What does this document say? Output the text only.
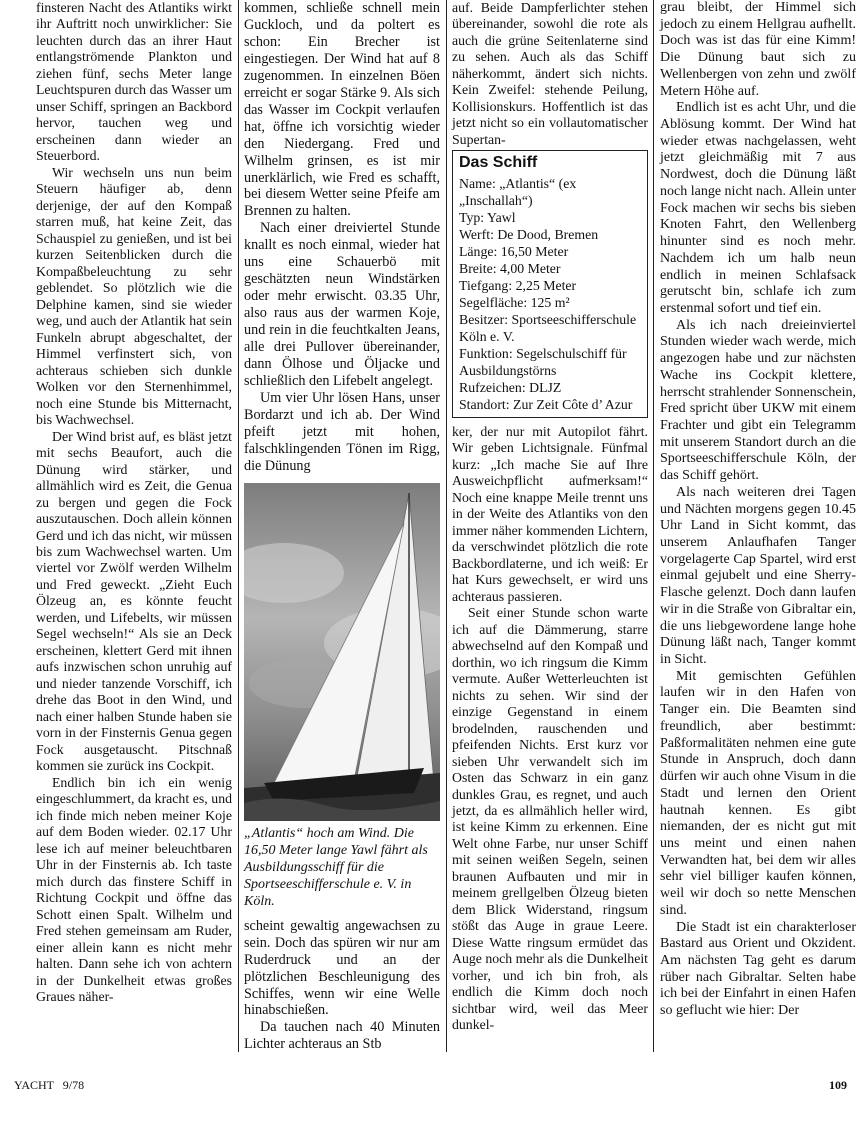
finsteren Nacht des Atlantiks wirkt ihr Auftritt noch unwirklicher: Sie leuchten durch das an ihrer Haut entlangströmende Plankton und ziehen fünf, sechs Meter lange Leuchtspuren durch das Wasser um unser Schiff, springen an Backbord hervor, tauchen weg und erscheinen dann wieder an Steuerbord.

Wir wechseln uns nun beim Steuern häufiger ab, denn derjenige, der auf den Kompaß starren muß, hat keine Zeit, das Schauspiel zu genießen, und ist bei kurzen Seitenblicken durch die Kompaßbeleuchtung zu sehr geblendet. So plötzlich wie die Delphine kamen, sind sie wieder weg, und auch der Atlantik hat sein Funkeln abrupt abgeschaltet, der Himmel verfinstert sich, von achteraus schieben sich dunkle Wolken vor den Sternenhimmel, noch eine Stunde bis Mitternacht, bis Wachwechsel.

Der Wind brist auf, es bläst jetzt mit sechs Beaufort, auch die Dünung wird stärker, und allmählich wird es Zeit, die Genua zu bergen und gegen die Fock auszutauschen. Doch allein können Gerd und ich das nicht, wir müssen bis zum Wachwechsel warten. Um viertel vor Zwölf werden Wilhelm und Fred geweckt. „Zieht Euch Ölzeug an, es könnte feucht werden, und Lifebelts, wir müssen Segel wechseln!“ Als sie an Deck erscheinen, klettert Gerd mit ihnen aufs inzwischen schon unruhig auf und nieder tanzende Vorschiff, ich drehe das Boot in den Wind, und nach einer halben Stunde haben sie vorn in der Finsternis Genua gegen Fock ausgetauscht. Pitschnaß kommen sie zurück ins Cockpit.

Endlich bin ich ein wenig eingeschlummert, da kracht es, und ich finde mich neben meiner Koje auf dem Boden wieder. 02.17 Uhr lese ich auf meiner beleuchtbaren Uhr in der Finsternis ab. Ich taste mich durch das finstere Schiff in Richtung Cockpit und öffne das Schott einen Spalt. Wilhelm und Fred stehen gemeinsam am Ruder, einer allein kann es nicht mehr halten. Dann sehe ich von achtern in der Dunkelheit etwas großes Graues näher-

kommen, schließe schnell mein Guckloch, und da poltert es schon: Ein Brecher ist eingestiegen. Der Wind hat auf 8 zugenommen. In einzelnen Böen erreicht er sogar Stärke 9. Als sich das Wasser im Cockpit verlaufen hat, öffne ich vorsichtig wieder den Niedergang. Fred und Wilhelm grinsen, es ist mir unerklärlich, wie Fred es schafft, bei diesem Wetter seine Pfeife am Brennen zu halten.

Nach einer dreiviertel Stunde knallt es noch einmal, wieder hat uns eine Schauerbö mit geschätzten neun Windstärken oder mehr erwischt. 03.35 Uhr, also raus aus der warmen Koje, und rein in die feuchtkalten Jeans, alle drei Pullover übereinander, dann Ölhose und Öljacke und schließlich den Lifebelt angelegt.

Um vier Uhr lösen Hans, unser Bordarzt und ich ab. Der Wind pfeift jetzt mit hohen, falschklingenden Tönen im Rigg, die Dünung

„Atlantis“ hoch am Wind. Die 16,50 Meter lange Yawl fährt als Ausbildungsschiff für die Sportseeschifferschule e. V. in Köln.

scheint gewaltig angewachsen zu sein. Doch das spüren wir nur am Ruderdruck und an der plötzlichen Beschleunigung des Schiffes, wenn wir eine Welle hinabschießen.

Da tauchen nach 40 Minuten Lichter achteraus an Stb

auf. Beide Dampferlichter stehen übereinander, sowohl die rote als auch die grüne Seitenlaterne sind zu sehen. Auch als das Schiff näherkommt, ändert sich nichts. Kein Zweifel: stehende Peilung, Kollisionskurs. Hoffentlich ist das jetzt nicht so ein vollautomatischer Supertan-

Das Schiff
Name: „Atlantis“ (ex „Inschallah“)
Typ: Yawl
Werft: De Dood, Bremen
Länge: 16,50 Meter
Breite: 4,00 Meter
Tiefgang: 2,25 Meter
Segelfläche: 125 m²
Besitzer: Sportseeschifferschule Köln e. V.
Funktion: Segelschulschiff für Ausbildungstörns
Rufzeichen: DLJZ
Standort: Zur Zeit Côte d’ Azur

ker, der nur mit Autopilot fährt. Wir geben Lichtsignale. Fünfmal kurz: „Ich mache Sie auf Ihre Ausweichpflicht aufmerksam!“ Noch eine knappe Meile trennt uns in der Weite des Atlantiks von den immer näher kommenden Lichtern, da verschwindet plötzlich die rote Backbordlaterne, und ich weiß: Er hat Kurs gewechselt, er wird uns achteraus passieren.

Seit einer Stunde schon warte ich auf die Dämmerung, starre abwechselnd auf den Kompaß und dorthin, wo ich ringsum die Kimm vermute. Außer Wetterleuchten ist nichts zu sehen. Wir sind der einzige Gegenstand in einem brodelnden, rauschenden und pfeifenden Nichts. Erst kurz vor sieben Uhr verwandelt sich im Osten das Schwarz in ein ganz dunkles Grau, es regnet, und auch jetzt, da es allmählich heller wird, ist keine Kimm zu erkennen. Eine Welt ohne Farbe, nur unser Schiff mit seinen weißen Segeln, seinen braunen Aufbauten und mir in meinem grellgelben Ölzeug bieten dem Blick Widerstand, ringsum stößt das Auge in graue Leere. Diese Watte ringsum ermüdet das Auge noch mehr als die Dunkelheit vorher, und ich bin froh, als endlich die Kimm doch noch sichtbar wird, weil das Meer dunkel-

grau bleibt, der Himmel sich jedoch zu einem Hellgrau aufhellt. Doch was ist das für eine Kimm! Die Dünung baut sich zu Wellenbergen von zehn und zwölf Metern Höhe auf.

Endlich ist es acht Uhr, und die Ablösung kommt. Der Wind hat wieder etwas nachgelassen, weht jetzt gleichmäßig mit 7 aus Nordwest, doch die Dünung läßt noch lange nicht nach. Allein unter Fock machen wir sechs bis sieben Knoten Fahrt, den Wellenberg hinunter sind es noch mehr. Nachdem ich um halb neun endlich in meinen Schlafsack gerutscht bin, schlafe ich zum erstenmal sofort und tief ein.

Als ich nach dreieinviertel Stunden wieder wach werde, mich angezogen habe und zur nächsten Wache ins Cockpit klettere, herrscht strahlender Sonnenschein, Fred spricht über UKW mit einem Frachter und gibt ein Telegramm mit unserem Standort durch an die Sportseeschifferschule Köln, der das Schiff gehört.

Als nach weiteren drei Tagen und Nächten morgens gegen 10.45 Uhr Land in Sicht kommt, das unserem Anlaufhafen Tanger vorgelagerte Cap Spartel, wird erst einmal gejubelt und eine Sherry-Flasche gelenzt. Doch dann laufen wir in die Straße von Gibraltar ein, die uns liebgewordene lange hohe Dünung läßt nach, Tanger kommt in Sicht.

Mit gemischten Gefühlen laufen wir in den Hafen von Tanger ein. Die Beamten sind freundlich, aber bestimmt: Paßformalitäten nehmen eine gute Stunde in Anspruch, doch dann dürfen wir auch ohne Visum in die Stadt und lernen den Orient hautnah kennen. Es gibt niemanden, der es nicht gut mit uns meint und einen nahen Verwandten hat, bei dem wir alles sehr viel billiger kaufen können, weil wir doch so nette Menschen sind.

Die Stadt ist ein charakterloser Bastard aus Orient und Okzident. Am nächsten Tag geht es darum rüber nach Gibraltar. Selten habe ich bei der Einfahrt in einen Hafen so geflucht wie hier: Der

YACHT 9/78	109
